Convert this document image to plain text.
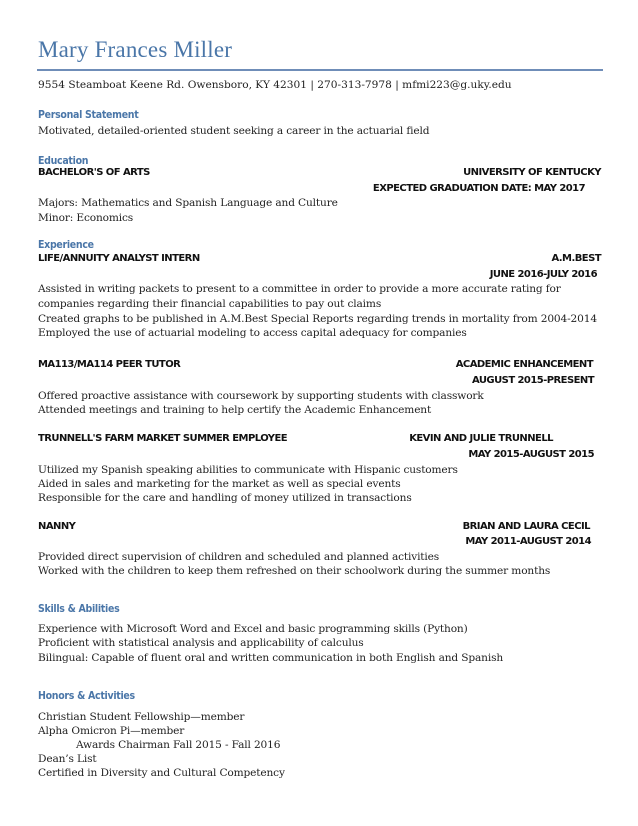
Mary Frances Miller
9554 Steamboat Keene Rd. Owensboro, KY 42301 | 270-313-7978 | mfmi223@g.uky.edu
Personal Statement
Motivated, detailed-oriented student seeking a career in the actuarial field
Education
BACHELOR'S OF ARTS	UNIVERSITY OF KENTUCKY
EXPECTED GRADUATION DATE: MAY 2017
Majors: Mathematics and Spanish Language and Culture
Minor: Economics
Experience
LIFE/ANNUITY ANALYST INTERN	A.M.BEST
JUNE 2016-JULY 2016
Assisted in writing packets to present to a committee in order to provide a more accurate rating for
companies regarding their financial capabilities to pay out claims
Created graphs to be published in A.M.Best Special Reports regarding trends in mortality from 2004-2014
Employed the use of actuarial modeling to access capital adequacy for companies
MA113/MA114 PEER TUTOR	ACADEMIC ENHANCEMENT
AUGUST 2015-PRESENT
Offered proactive assistance with coursework by supporting students with classwork
Attended meetings and training to help certify the Academic Enhancement
TRUNNELL'S FARM MARKET SUMMER EMPLOYEE	KEVIN AND JULIE TRUNNELL
MAY 2015-AUGUST 2015
Utilized my Spanish speaking abilities to communicate with Hispanic customers
Aided in sales and marketing for the market as well as special events
Responsible for the care and handling of money utilized in transactions
NANNY	BRIAN AND LAURA CECIL
MAY 2011-AUGUST 2014
Provided direct supervision of children and scheduled and planned activities
Worked with the children to keep them refreshed on their schoolwork during the summer months
Skills & Abilities
Experience with Microsoft Word and Excel and basic programming skills (Python)
Proficient with statistical analysis and applicability of calculus
Bilingual: Capable of fluent oral and written communication in both English and Spanish
Honors & Activities
Christian Student Fellowship—member
Alpha Omicron Pi—member
Awards Chairman Fall 2015 - Fall 2016
Dean’s List
Certified in Diversity and Cultural Competency
